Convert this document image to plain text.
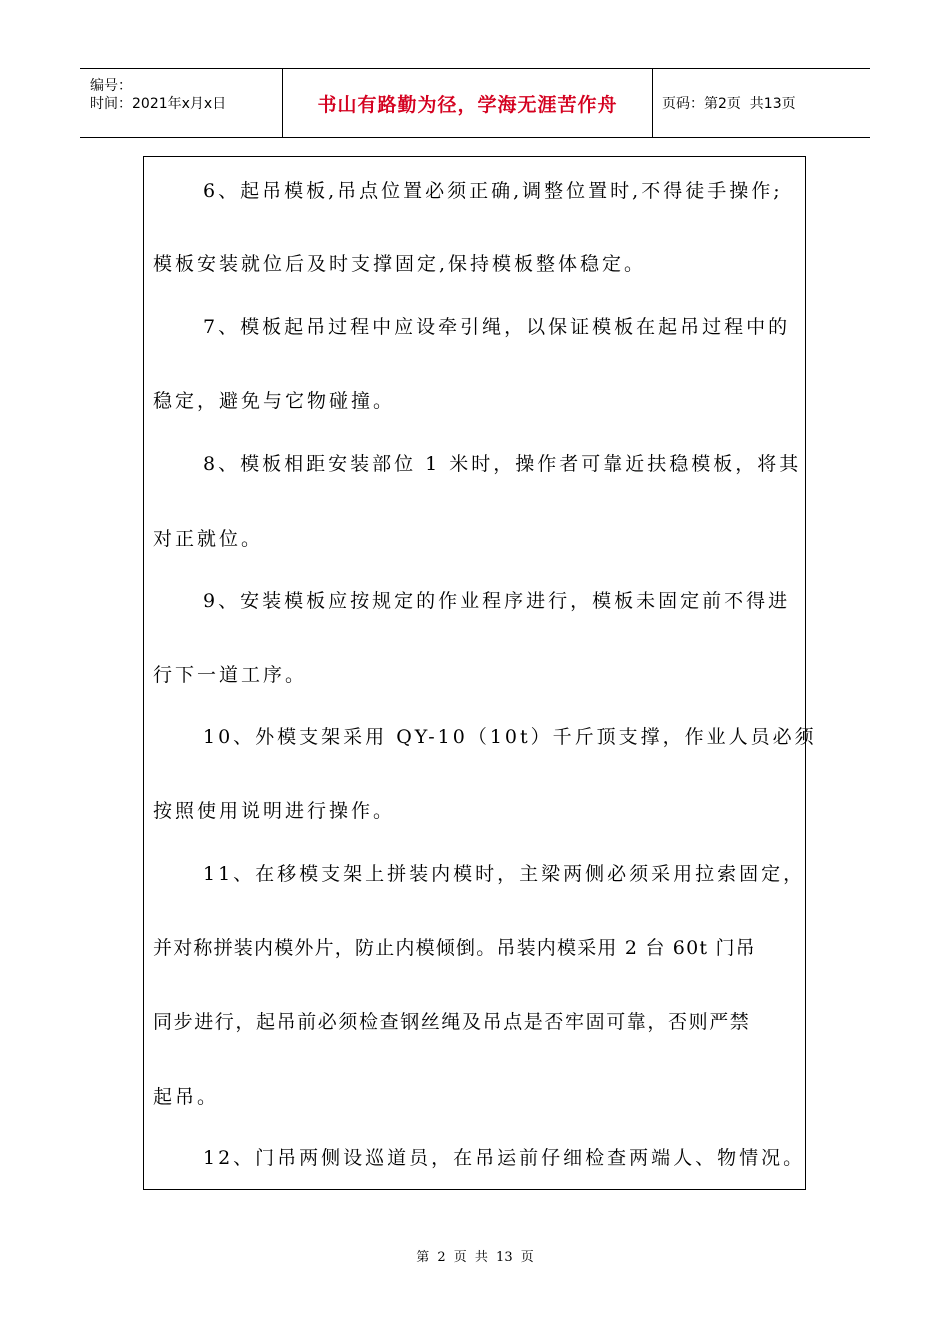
编号：
时间：2021年x月x日	书山有路勤为径，学海无涯苦作舟	页码：第2页  共13页
6、起吊模板,吊点位置必须正确,调整位置时,不得徒手操作;
模板安装就位后及时支撑固定,保持模板整体稳定。
7、模板起吊过程中应设牵引绳，以保证模板在起吊过程中的
稳定，避免与它物碰撞。
8、模板相距安装部位 1 米时，操作者可靠近扶稳模板，将其
对正就位。
9、安装模板应按规定的作业程序进行，模板未固定前不得进
行下一道工序。
10、外模支架采用 QY-10（10t）千斤顶支撑，作业人员必须
按照使用说明进行操作。
11、在移模支架上拼装内模时，主梁两侧必须采用拉索固定，
并对称拼装内模外片，防止内模倾倒。吊装内模采用 2 台 60t 门吊
同步进行，起吊前必须检查钢丝绳及吊点是否牢固可靠，否则严禁
起吊。
12、门吊两侧设巡道员，在吊运前仔细检查两端人、物情况。
第 2 页 共 13 页
